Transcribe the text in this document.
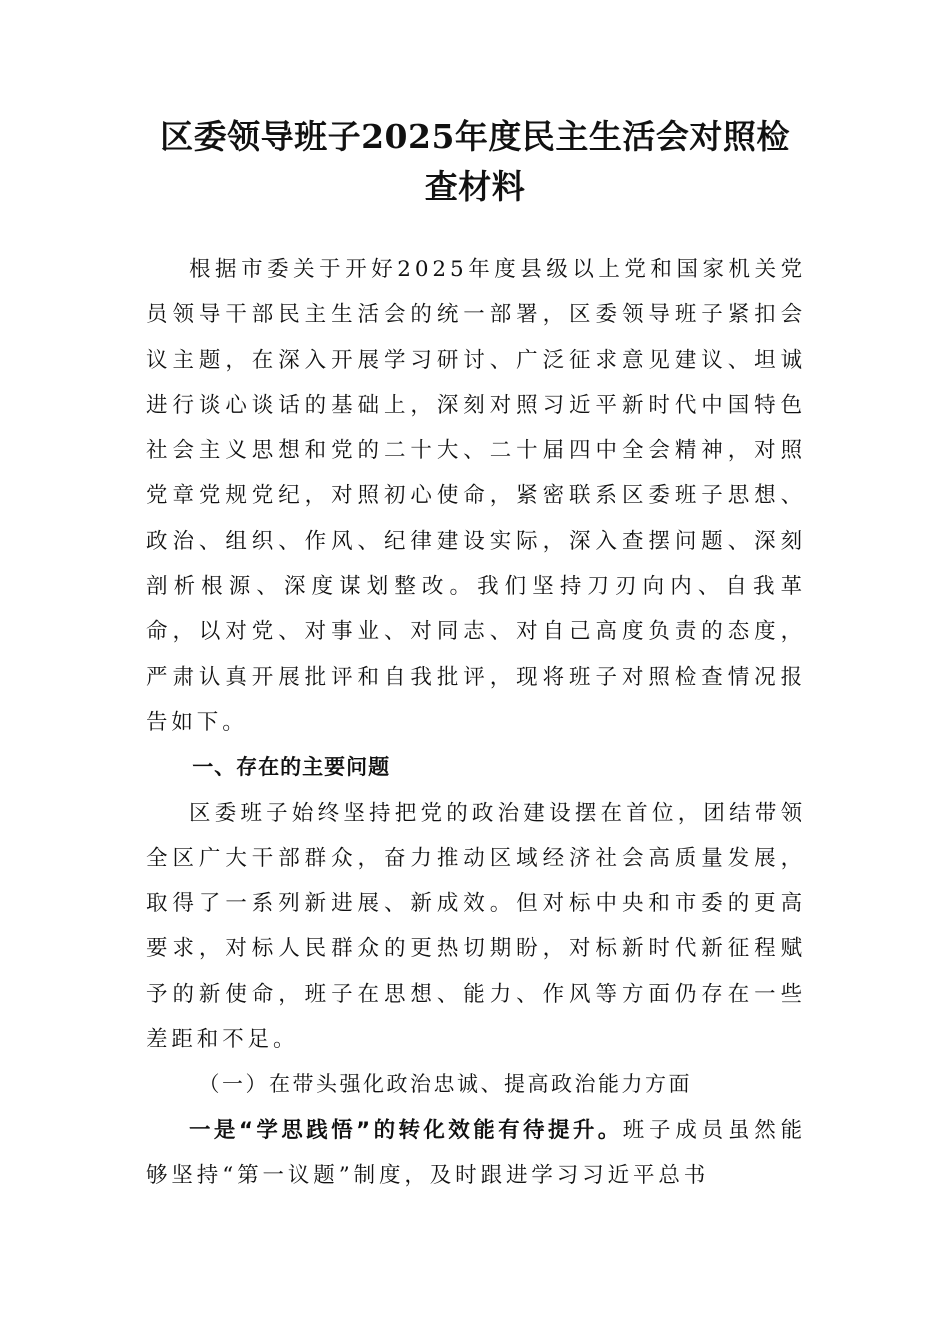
区委领导班子2025年度民主生活会对照检
查材料

根据市委关于开好2025年度县级以上党和国家机关党员领导干部民主生活会的统一部署，区委领导班子紧扣会议主题，在深入开展学习研讨、广泛征求意见建议、坦诚进行谈心谈话的基础上，深刻对照习近平新时代中国特色社会主义思想和党的二十大、二十届四中全会精神，对照党章党规党纪，对照初心使命，紧密联系区委班子思想、政治、组织、作风、纪律建设实际，深入查摆问题、深刻剖析根源、深度谋划整改。我们坚持刀刃向内、自我革命，以对党、对事业、对同志、对自己高度负责的态度，严肃认真开展批评和自我批评，现将班子对照检查情况报告如下。

一、存在的主要问题

区委班子始终坚持把党的政治建设摆在首位，团结带领全区广大干部群众，奋力推动区域经济社会高质量发展，取得了一系列新进展、新成效。但对标中央和市委的更高要求，对标人民群众的更热切期盼，对标新时代新征程赋予的新使命，班子在思想、能力、作风等方面仍存在一些差距和不足。

（一）在带头强化政治忠诚、提高政治能力方面

一是“学思践悟”的转化效能有待提升。班子成员虽然能够坚持“第一议题”制度，及时跟进学习习近平总书
